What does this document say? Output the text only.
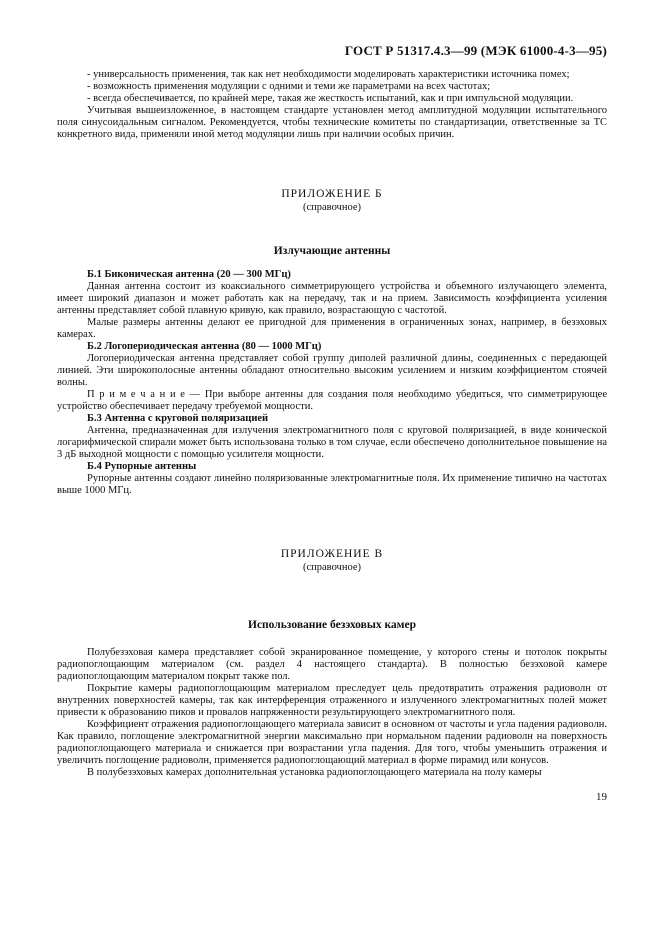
ГОСТ Р 51317.4.3—99 (МЭК 61000-4-3—95)

- универсальность применения, так как нет необходимости моделировать характеристики источника помех;

- возможность применения модуляции с одними и теми же параметрами на всех частотах;

- всегда обеспечивается, по крайней мере, такая же жесткость испытаний, как и при импульсной модуляции.

Учитывая вышеизложенное, в настоящем стандарте установлен метод амплитудной модуляции испытательного поля синусоидальным сигналом. Рекомендуется, чтобы технические комитеты по стандартизации, ответственные за ТС конкретного вида, применяли иной метод модуляции лишь при наличии особых причин.

ПРИЛОЖЕНИЕ Б
(справочное)
Излучающие антенны

Б.1 Биконическая антенна (20 — 300 МГц)

Данная антенна состоит из коаксиального симметрирующего устройства и объемного излучающего элемента, имеет широкий диапазон и может работать как на передачу, так и на прием. Зависимость коэффициента усиления антенны представляет собой плавную кривую, как правило, возрастающую с частотой.

Малые размеры антенны делают ее пригодной для применения в ограниченных зонах, например, в безэховых камерах.

Б.2 Логопериодическая антенна (80 — 1000 МГц)

Логопериодическая антенна представляет собой группу диполей различной длины, соединенных с передающей линией. Эти широкополосные антенны обладают относительно высоким усилением и низким коэффициентом стоячей волны.

П р и м е ч а н и е — При выборе антенны для создания поля необходимо убедиться, что симметрирующее устройство обеспечивает передачу требуемой мощности.

Б.3 Антенна с круговой поляризацией

Антенна, предназначенная для излучения электромагнитного поля с круговой поляризацией, в виде конической логарифмической спирали может быть использована только в том случае, если обеспечено дополнительное повышение на 3 дБ выходной мощности с помощью усилителя мощности.

Б.4 Рупорные антенны

Рупорные антенны создают линейно поляризованные электромагнитные поля. Их применение типично на частотах выше 1000 МГц.

ПРИЛОЖЕНИЕ В
(справочное)
Использование безэховых камер

Полубезэховая камера представляет собой экранированное помещение, у которого стены и потолок покрыты радиопоглощающим материалом (см. раздел 4 настоящего стандарта). В полностью безэховой камере радиопоглощающим материалом покрыт также пол.

Покрытие камеры радиопоглощающим материалом преследует цель предотвратить отражения радиоволн от внутренних поверхностей камеры, так как интерференция отраженного и излученного электромагнитных полей может привести к образованию пиков и провалов напряженности результирующего электромагнитного поля.

Коэффициент отражения радиопоглощающего материала зависит в основном от частоты и угла падения радиоволн. Как правило, поглощение электромагнитной энергии максимально при нормальном падении радиоволн на поверхность радиопоглощающего материала и снижается при возрастании угла падения. Для того, чтобы уменьшить отражения и увеличить поглощение радиоволн, применяется радиопоглощающий материал в форме пирамид или конусов.

В полубезэховых камерах дополнительная установка радиопоглощающего материала на полу камеры

19
